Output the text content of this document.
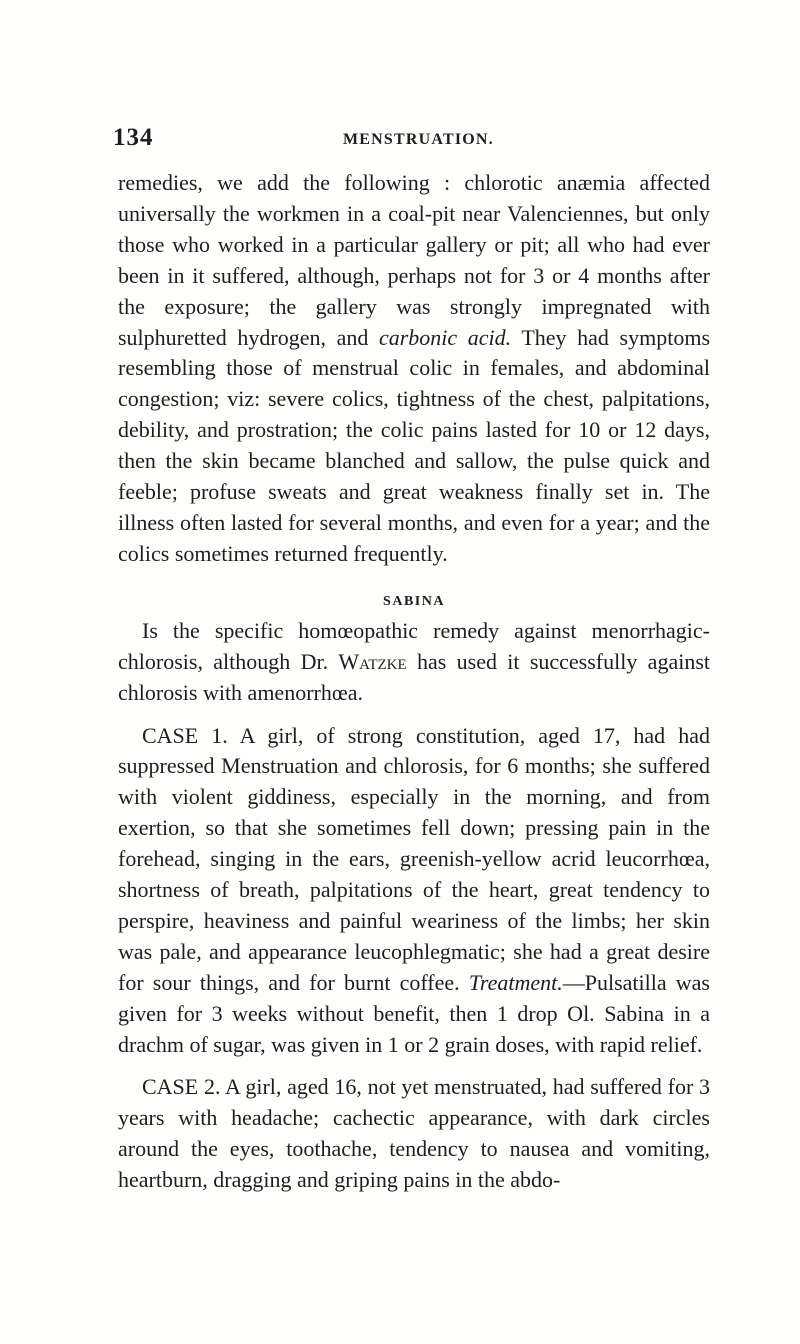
134	MENSTRUATION.

remedies, we add the following : chlorotic anæmia affected universally the workmen in a coal-pit near Valenciennes, but only those who worked in a particular gallery or pit; all who had ever been in it suffered, although, perhaps not for 3 or 4 months after the exposure; the gallery was strongly impregnated with sulphuretted hydrogen, and carbonic acid. They had symptoms resembling those of menstrual colic in females, and abdominal congestion; viz: severe colics, tightness of the chest, palpitations, debility, and prostration; the colic pains lasted for 10 or 12 days, then the skin became blanched and sallow, the pulse quick and feeble; profuse sweats and great weakness finally set in. The illness often lasted for several months, and even for a year; and the colics sometimes returned frequently.

SABINA

Is the specific homœopathic remedy against menorrhagic-chlorosis, although Dr. Watzke has used it successfully against chlorosis with amenorrhœa.

CASE 1. A girl, of strong constitution, aged 17, had had suppressed Menstruation and chlorosis, for 6 months; she suffered with violent giddiness, especially in the morning, and from exertion, so that she sometimes fell down; pressing pain in the forehead, singing in the ears, greenish-yellow acrid leucorrhœa, shortness of breath, palpitations of the heart, great tendency to perspire, heaviness and painful weariness of the limbs; her skin was pale, and appearance leucophlegmatic; she had a great desire for sour things, and for burnt coffee. Treatment.—Pulsatilla was given for 3 weeks without benefit, then 1 drop Ol. Sabina in a drachm of sugar, was given in 1 or 2 grain doses, with rapid relief.

CASE 2. A girl, aged 16, not yet menstruated, had suffered for 3 years with headache; cachectic appearance, with dark circles around the eyes, toothache, tendency to nausea and vomiting, heartburn, dragging and griping pains in the abdo-
